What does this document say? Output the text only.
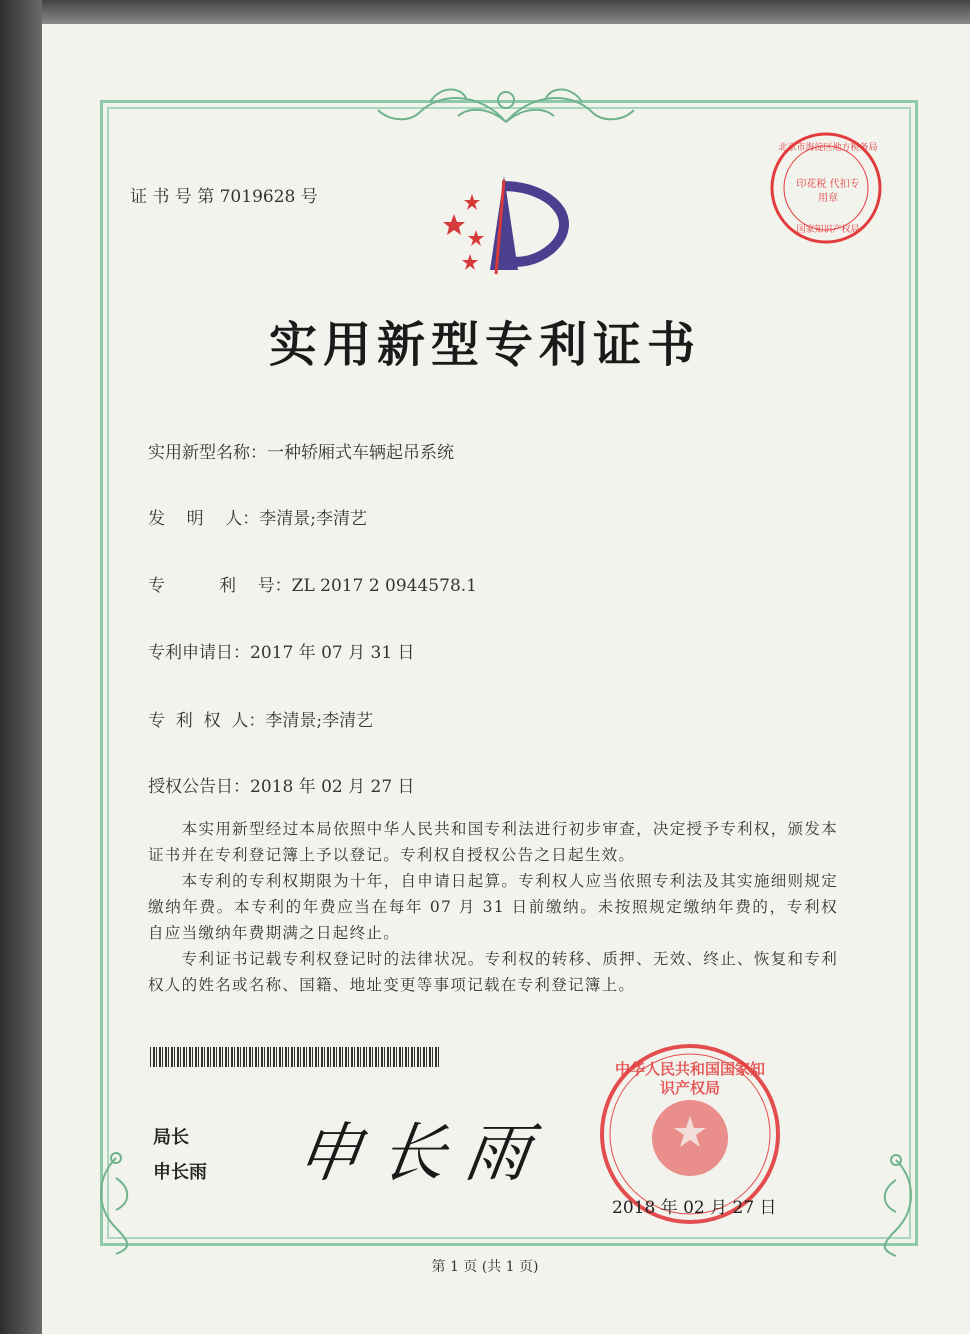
北京市海淀区地方税务局
印花税 代扣专用章
国家知识产权局
证 书 号 第 7019628 号
实用新型专利证书
实用新型名称：一种轿厢式车辆起吊系统
发    明    人：李清景;李清艺
专          利    号：ZL 2017 2 0944578.1
专利申请日：2017 年 07 月 31 日
专  利  权  人：李清景;李清艺
授权公告日：2018 年 02 月 27 日
　　本实用新型经过本局依照中华人民共和国专利法进行初步审查，决定授予专利权，颁发本证书并在专利登记簿上予以登记。专利权自授权公告之日起生效。
　　本专利的专利权期限为十年，自申请日起算。专利权人应当依照专利法及其实施细则规定缴纳年费。本专利的年费应当在每年 07 月 31 日前缴纳。未按照规定缴纳年费的，专利权自应当缴纳年费期满之日起终止。
　　专利证书记载专利权登记时的法律状况。专利权的转移、质押、无效、终止、恢复和专利权人的姓名或名称、国籍、地址变更等事项记载在专利登记簿上。
局长
申长雨 申长雨
中华人民共和国国家知识产权局
2018 年 02 月 27 日
第 1 页 (共 1 页)
